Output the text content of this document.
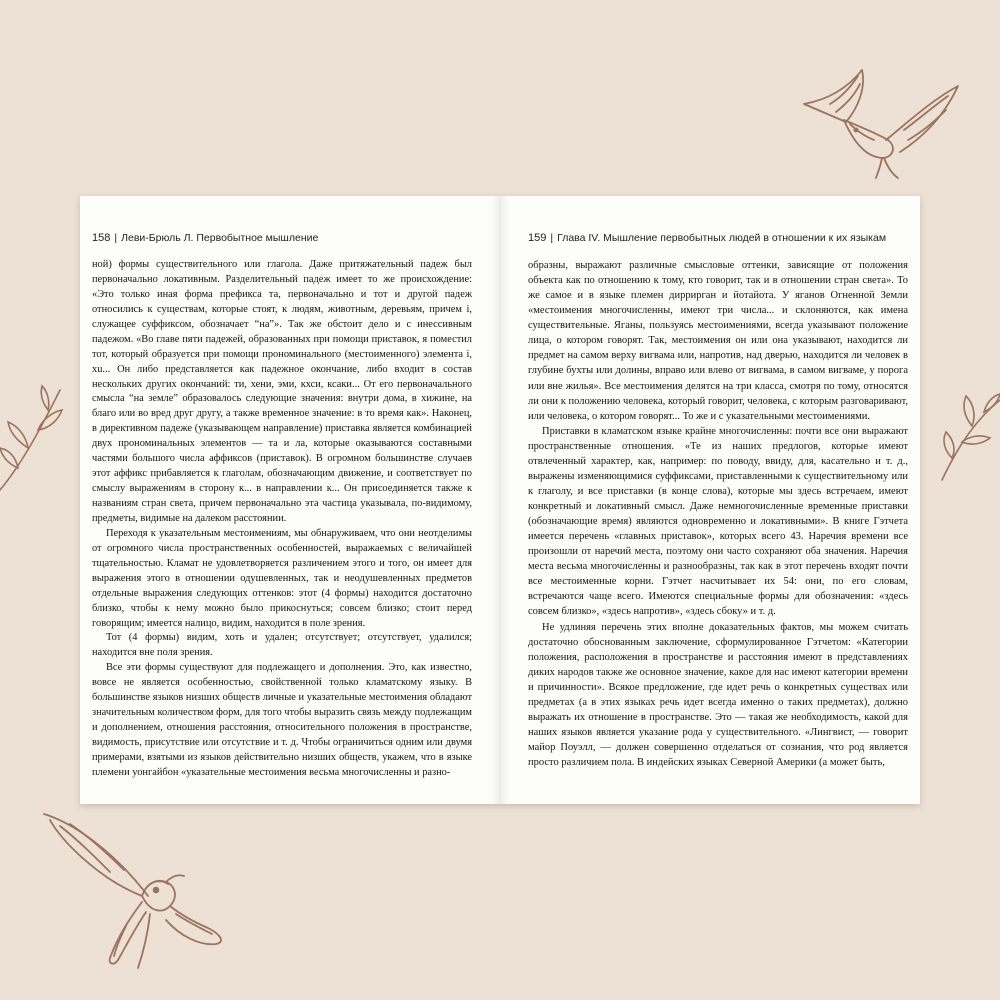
158 | Леви-Брюль Л. Первобытное мышление

ной) формы существительного или глагола. Даже притяжательный падеж был первоначально локативным. Разделительный падеж имеет то же происхождение: «Это только иная форма префикса та, первоначально и тот и другой падеж относились к существам, которые стоят, к людям, животным, деревьям, причем i, служащее суффиксом, обозначает “на”». Так же обстоит дело и с инессивным падежом. «Во главе пяти падежей, образованных при помощи приставок, я поместил тот, который образуется при помощи прономинального (местоименного) элемента i, xu... Он либо представляется как падежное окончание, либо входит в состав нескольких других окончаний: ти, хени, эми, кхси, ксаки... От его первоначального смысла “на земле” образовалось следующие значения: внутри дома, в хижине, на благо или во вред друг другу, а также временное значение: в то время как». Наконец, в директивном падеже (указывающем направление) приставка является комбинацией двух прономинальных элементов — та и ла, которые оказываются составными частями большого числа аффиксов (приставок). В огромном большинстве случаев этот аффикс прибавляется к глаголам, обозначающим движение, и соответствует по смыслу выражениям в сторону к... в направлении к... Он присоединяется также к названиям стран света, причем первоначально эта частица указывала, по-видимому, предметы, видимые на далеком расстоянии.

Переходя к указательным местоимениям, мы обнаруживаем, что они неотделимы от огромного числа пространственных особенностей, выражаемых с величайшей тщательностью. Кламат не удовлетворяется различением этого и того, он имеет для выражения этого в отношении одушевленных, так и неодушевленных предметов отдельные выражения следующих оттенков: этот (4 формы) находится достаточно близко, чтобы к нему можно было прикоснуться; совсем близко; стоит перед говорящим; имеется налицо, видим, находится в поле зрения.

Тот (4 формы) видим, хоть и удален; отсутствует; отсутствует, удалился; находится вне поля зрения.

Все эти формы существуют для подлежащего и дополнения. Это, как известно, вовсе не является особенностью, свойственной только кламатскому языку. В большинстве языков низших обществ личные и указательные местоимения обладают значительным количеством форм, для того чтобы выразить связь между подлежащим и дополнением, отношения расстояния, относительного положения в пространстве, видимость, присутствие или отсутствие и т. д. Чтобы ограничиться одним или двумя примерами, взятыми из языков действительно низших обществ, укажем, что в языке племени уонгайбон «указательные местоимения весьма многочисленны и разно-

159 | Глава IV. Мышление первобытных людей в отношении к их языкам

образны, выражают различные смысловые оттенки, зависящие от положения объекта как по отношению к тому, кто говорит, так и в отношении стран света». То же самое и в языке племен диррирган и йотайота. У яганов Огненной Земли «местоимения многочисленны, имеют три числа... и склоняются, как имена существительные. Яганы, пользуясь местоимениями, всегда указывают положение лица, о котором говорят. Так, местоимения он или она указывают, находится ли предмет на самом верху вигвама или, напротив, над дверью, находится ли человек в глубине бухты или долины, вправо или влево от вигвама, в самом вигваме, у порога или вне жилья». Все местоимения делятся на три класса, смотря по тому, относятся ли они к положению человека, который говорит, человека, с которым разговаривают, или человека, о котором говорят... То же и с указательными местоимениями.

Приставки в кламатском языке крайне многочисленны: почти все они выражают пространственные отношения. «Те из наших предлогов, которые имеют отвлеченный характер, как, например: по поводу, ввиду, для, касательно и т. д., выражены изменяющимися суффиксами, приставленными к существительному или к глаголу, и все приставки (в конце слова), которые мы здесь встречаем, имеют конкретный и локативный смысл. Даже немногочисленные временные приставки (обозначающие время) являются одновременно и локативными». В книге Гэтчета имеется перечень «главных приставок», которых всего 43. Наречия времени все произошли от наречий места, поэтому они часто сохраняют оба значения. Наречия места весьма многочисленны и разнообразны, так как в этот перечень входят почти все местоименные корни. Гэтчет насчитывает их 54: они, по его словам, встречаются чаще всего. Имеются специальные формы для обозначения: «здесь совсем близко», «здесь напротив», «здесь сбоку» и т. д.

Не удлиняя перечень этих вполне доказательных фактов, мы можем считать достаточно обоснованным заключение, сформулированное Гэтчетом: «Категории положения, расположения в пространстве и расстояния имеют в представлениях диких народов также же основное значение, какое для нас имеют категории времени и причинности». Всякое предложение, где идет речь о конкретных существах или предметах (а в этих языках речь идет всегда именно о таких предметах), должно выражать их отношение в пространстве. Это — такая же необходимость, какой для наших языков является указание рода у существительного. «Лингвист, — говорит майор Поуэлл, — должен совершенно отделаться от сознания, что род является просто различием пола. В индейских языках Северной Америки (а может быть,
